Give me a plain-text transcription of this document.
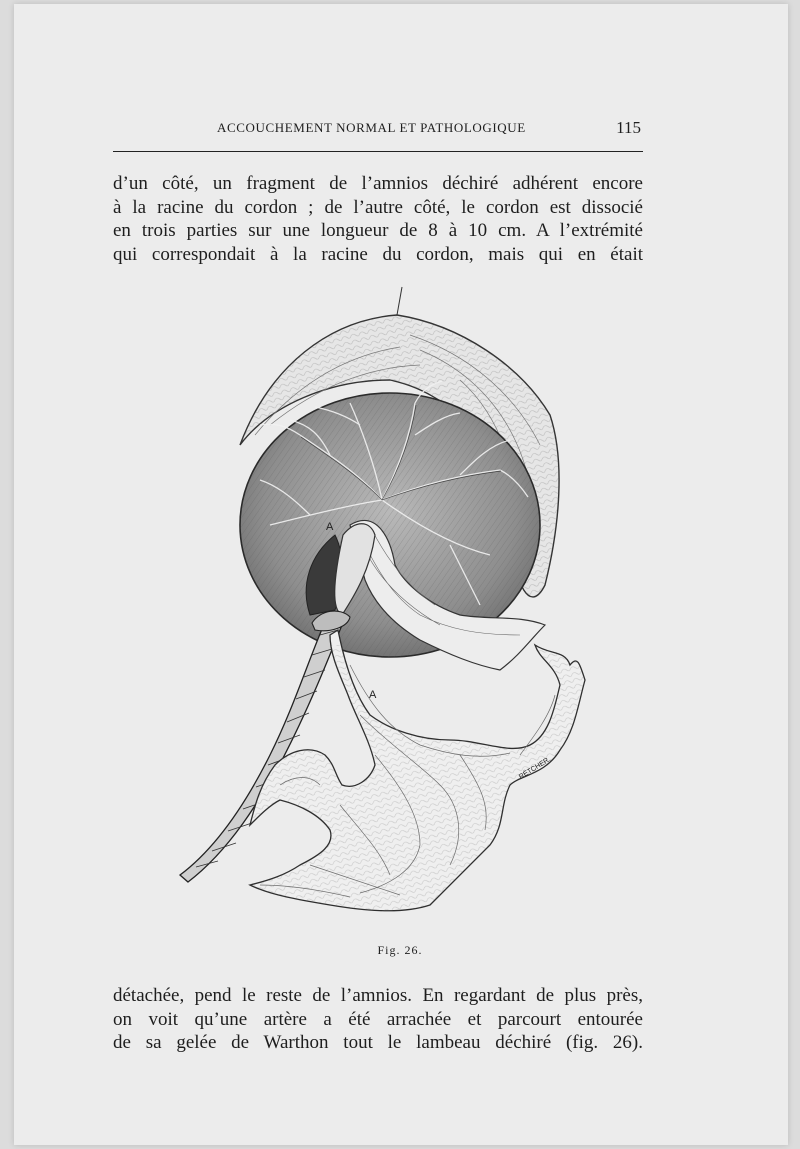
ACCOUCHEMENT NORMAL ET PATHOLOGIQUE	115
d’un côté, un fragment de l’amnios déchiré adhérent encore
à la racine du cordon ; de l’autre côté, le cordon est dissocié
en trois parties sur une longueur de 8 à 10 cm. A l’extrémité
qui correspondait à la racine du cordon, mais qui en était
A
A
RÉTCHER.
Fig. 26.
détachée, pend le reste de l’amnios. En regardant de plus près,
on voit qu’une artère a été arrachée et parcourt entourée
de sa gelée de Warthon tout le lambeau déchiré (fig. 26).
